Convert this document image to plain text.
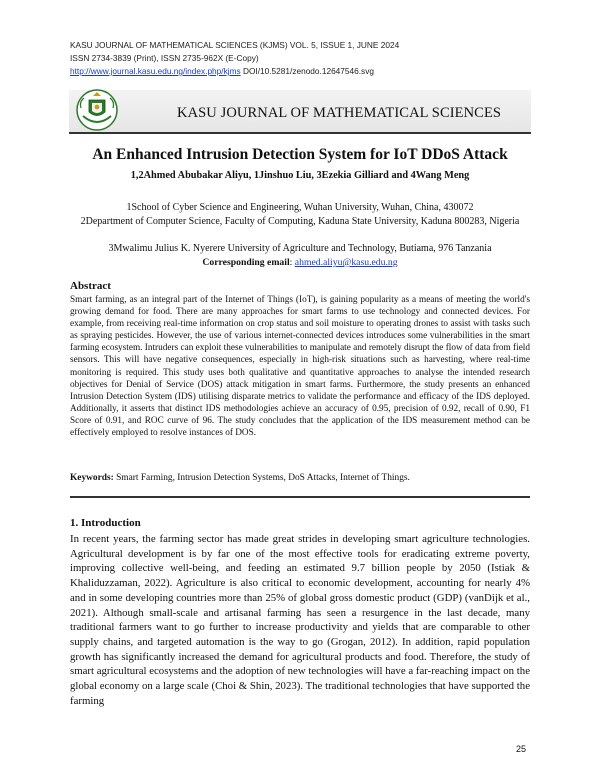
KASU JOURNAL OF MATHEMATICAL SCIENCES (KJMS) VOL. 5, ISSUE 1, JUNE 2024
ISSN 2734-3839 (Print), ISSN 2735-962X (E-Copy)
http://www.journal.kasu.edu.ng/index.php/kjms DOI/10.5281/zenodo.12647546.svg
KASU JOURNAL OF MATHEMATICAL SCIENCES
An Enhanced Intrusion Detection System for IoT DDoS Attack
1,2Ahmed Abubakar Aliyu, 1Jinshuo Liu, 3Ezekia Gilliard and 4Wang Meng
1School of Cyber Science and Engineering, Wuhan University, Wuhan, China, 430072
2Department of Computer Science, Faculty of Computing, Kaduna State University, Kaduna 800283, Nigeria
3Mwalimu Julius K. Nyerere University of Agriculture and Technology, Butiama, 976 Tanzania
Corresponding email: ahmed.aliyu@kasu.edu.ng
Abstract

Smart farming, as an integral part of the Internet of Things (IoT), is gaining popularity as a means of meeting the world's growing demand for food. There are many approaches for smart farms to use technology and connected devices. For example, from receiving real-time information on crop status and soil moisture to operating drones to assist with tasks such as spraying pesticides. However, the use of various internet-connected devices introduces some vulnerabilities in the smart farming ecosystem. Intruders can exploit these vulnerabilities to manipulate and remotely disrupt the flow of data from field sensors. This will have negative consequences, especially in high-risk situations such as harvesting, where real-time monitoring is required. This study uses both qualitative and quantitative approaches to analyse the intended research objectives for Denial of Service (DOS) attack mitigation in smart farms. Furthermore, the study presents an enhanced Intrusion Detection System (IDS) utilising disparate metrics to validate the performance and efficacy of the IDS deployed. Additionally, it asserts that distinct IDS methodologies achieve an accuracy of 0.95, precision of 0.92, recall of 0.90, F1 Score of 0.91, and ROC curve of 96. The study concludes that the application of the IDS measurement method can be effectively employed to resolve instances of DOS.

Keywords: Smart Farming, Intrusion Detection Systems, DoS Attacks, Internet of Things.
1. Introduction

In recent years, the farming sector has made great strides in developing smart agriculture technologies. Agricultural development is by far one of the most effective tools for eradicating extreme poverty, improving collective well-being, and feeding an estimated 9.7 billion people by 2050 (Istiak & Khaliduzzaman, 2022). Agriculture is also critical to economic development, accounting for nearly 4% and in some developing countries more than 25% of global gross domestic product (GDP) (vanDijk et al., 2021). Although small-scale and artisanal farming has seen a resurgence in the last decade, many traditional farmers want to go further to increase productivity and yields that are comparable to other supply chains, and targeted automation is the way to go (Grogan, 2012). In addition, rapid population growth has significantly increased the demand for agricultural products and food. Therefore, the study of smart agricultural ecosystems and the adoption of new technologies will have a far-reaching impact on the global economy on a large scale (Choi & Shin, 2023). The traditional technologies that have supported the farming

25
